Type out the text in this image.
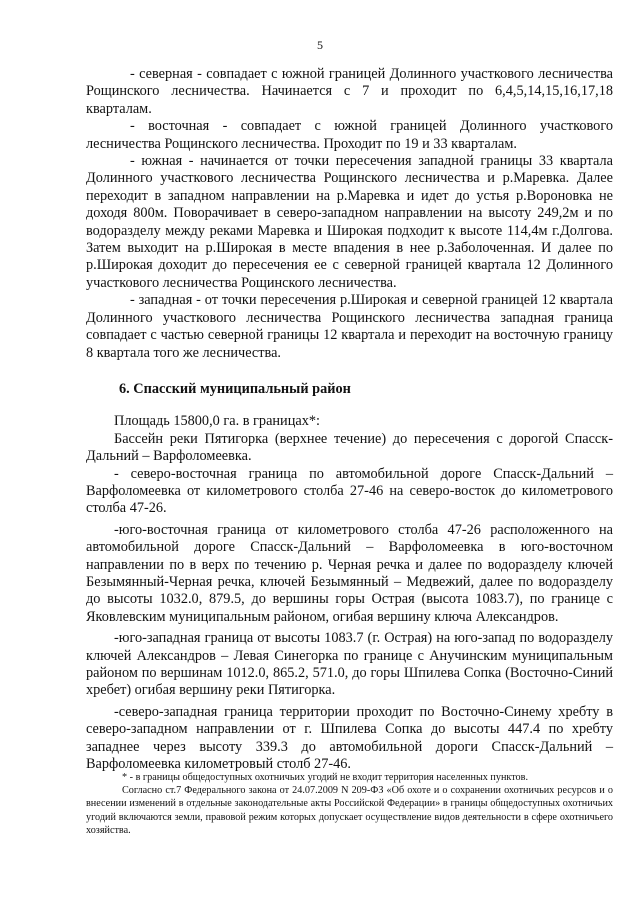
5

- северная - совпадает с южной границей Долинного участкового лесничества Рощинского лесничества. Начинается с 7 и проходит по 6,4,5,14,15,16,17,18 кварталам.

- восточная - совпадает с южной границей Долинного участкового лесничества Рощинского лесничества. Проходит по 19 и 33 кварталам.

- южная - начинается от точки пересечения западной границы 33 квартала Долинного участкового лесничества Рощинского лесничества и р.Маревка. Далее переходит в западном направлении на р.Маревка и идет до устья р.Вороновка не доходя 800м. Поворачивает в северо-западном направлении на высоту 249,2м и по водоразделу между реками Маревка и Широкая подходит к высоте 114,4м г.Долгова. Затем выходит на р.Широкая в месте впадения в нее р.Заболоченная. И далее по р.Широкая доходит до пересечения ее с северной границей квартала 12 Долинного участкового лесничества Рощинского лесничества.

- западная - от точки пересечения р.Широкая и северной границей 12 квартала Долинного участкового лесничества Рощинского лесничества западная граница совпадает с частью северной границы 12 квартала и переходит на восточную границу 8 квартала того же лесничества.

6. Спасский муниципальный район

Площадь 15800,0 га. в границах*:

Бассейн реки Пятигорка (верхнее течение) до пересечения с дорогой Спасск-Дальний – Варфоломеевка.

- северо-восточная граница по автомобильной дороге Спасск-Дальний – Варфоломеевка от километрового столба 27-46 на северо-восток до километрового столба 47-26.

-юго-восточная граница от километрового столба 47-26 расположенного на автомобильной дороге Спасск-Дальний – Варфоломеевка в юго-восточном направлении по в верх по течению р. Черная речка и далее по водоразделу ключей Безымянный-Черная речка, ключей Безымянный – Медвежий, далее по водоразделу до высоты 1032.0, 879.5, до вершины горы Острая (высота 1083.7), по границе с Яковлевским муниципальным районом, огибая вершину ключа Александров.

-юго-западная граница от высоты 1083.7 (г. Острая) на юго-запад по водоразделу ключей Александров – Левая Синегорка по границе с Анучинским муниципальным районом по вершинам 1012.0, 865.2, 571.0, до горы Шпилева Сопка (Восточно-Синий хребет) огибая вершину реки Пятигорка.

-северо-западная граница территории проходит по Восточно-Синему хребту в северо-западном направлении от г. Шпилева Сопка до высоты 447.4 по хребту западнее через высоту 339.3 до автомобильной дороги Спасск-Дальний – Варфоломеевка километровый столб 27-46.

* - в границы общедоступных охотничьих угодий не входит территория населенных пунктов.

Согласно ст.7 Федерального закона от 24.07.2009 N 209-ФЗ «Об охоте и о сохранении охотничьих ресурсов и о внесении изменений в отдельные законодательные акты Российской Федерации» в границы общедоступных охотничьих угодий включаются земли, правовой режим которых допускает осуществление видов деятельности в сфере охотничьего хозяйства.
